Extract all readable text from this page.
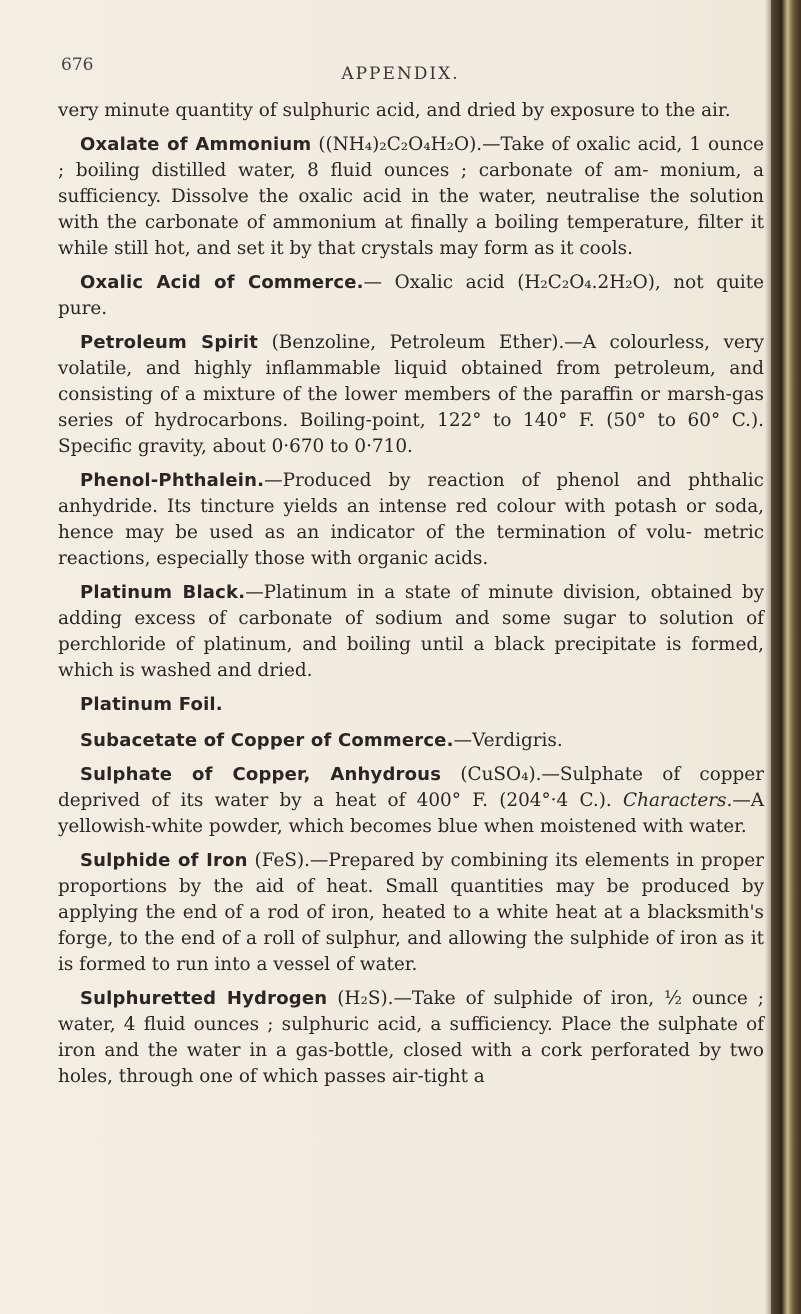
676	APPENDIX.

very minute quantity of sulphuric acid, and dried by exposure to the air.

Oxalate of Ammonium ((NH₄)₂C₂O₄H₂O).—Take of oxalic acid, 1 ounce ; boiling distilled water, 8 fluid ounces ; carbonate of am- monium, a sufficiency. Dissolve the oxalic acid in the water, neutralise the solution with the carbonate of ammonium at finally a boiling temperature, filter it while still hot, and set it by that crystals may form as it cools.

Oxalic Acid of Commerce.— Oxalic acid (H₂C₂O₄.2H₂O), not quite pure.

Petroleum Spirit (Benzoline, Petroleum Ether).—A colourless, very volatile, and highly inflammable liquid obtained from petroleum, and consisting of a mixture of the lower members of the paraffin or marsh-gas series of hydrocarbons. Boiling-point, 122° to 140° F. (50° to 60° C.). Specific gravity, about 0·670 to 0·710.

Phenol-Phthalein.—Produced by reaction of phenol and phthalic anhydride. Its tincture yields an intense red colour with potash or soda, hence may be used as an indicator of the termination of volu- metric reactions, especially those with organic acids.

Platinum Black.—Platinum in a state of minute division, obtained by adding excess of carbonate of sodium and some sugar to solution of perchloride of platinum, and boiling until a black precipitate is formed, which is washed and dried.

Platinum Foil.

Subacetate of Copper of Commerce.—Verdigris.

Sulphate of Copper, Anhydrous (CuSO₄).—Sulphate of copper deprived of its water by a heat of 400° F. (204°·4 C.). Characters.—A yellowish-white powder, which becomes blue when moistened with water.

Sulphide of Iron (FeS).—Prepared by combining its elements in proper proportions by the aid of heat. Small quantities may be produced by applying the end of a rod of iron, heated to a white heat at a blacksmith's forge, to the end of a roll of sulphur, and allowing the sulphide of iron as it is formed to run into a vessel of water.

Sulphuretted Hydrogen (H₂S).—Take of sulphide of iron, ½ ounce ; water, 4 fluid ounces ; sulphuric acid, a sufficiency. Place the sulphate of iron and the water in a gas-bottle, closed with a cork perforated by two holes, through one of which passes air-tight a
